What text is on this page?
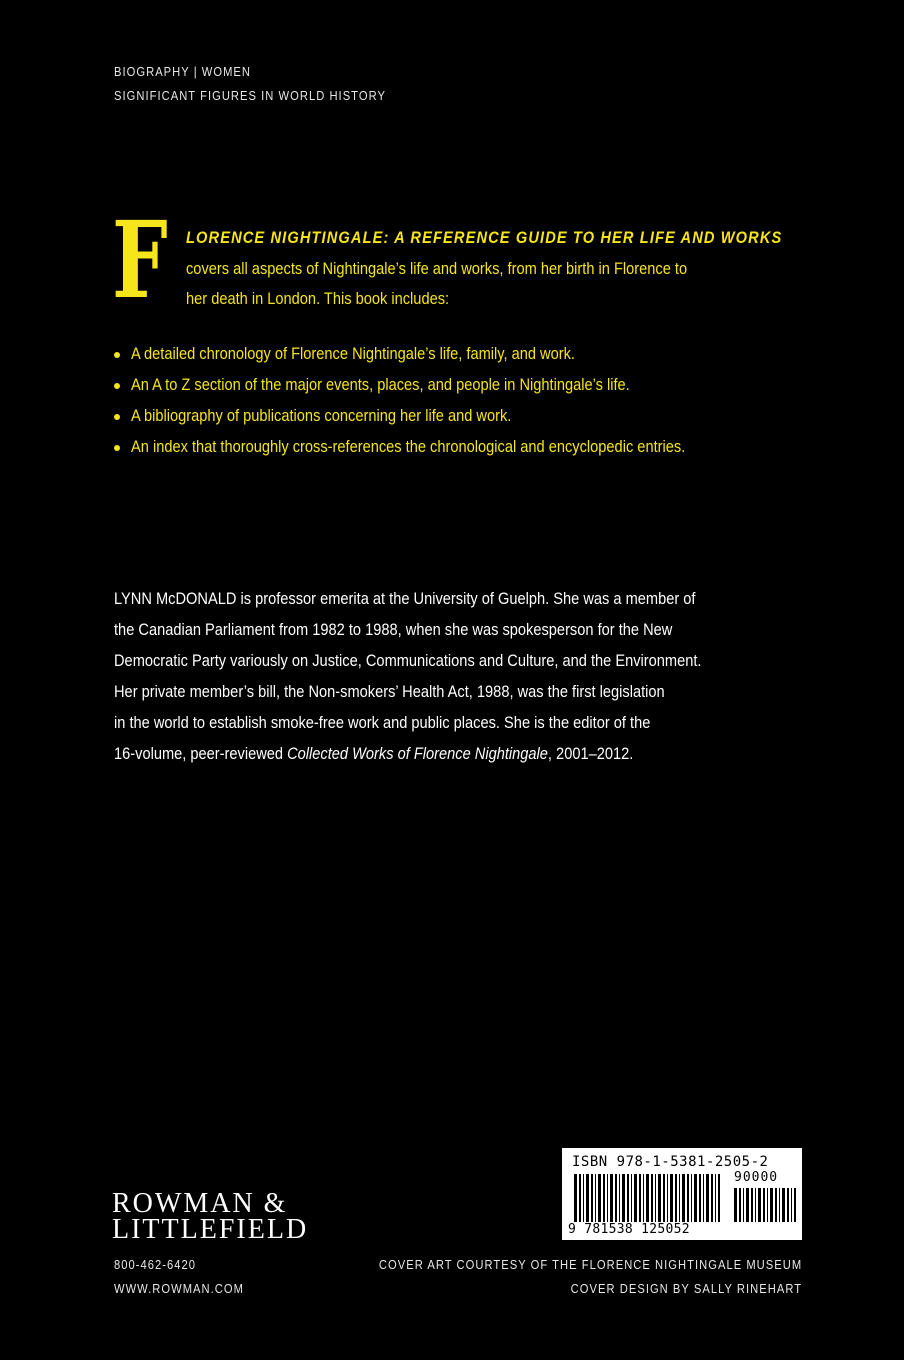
BIOGRAPHY | WOMEN
SIGNIFICANT FIGURES IN WORLD HISTORY
F LORENCE NIGHTINGALE: A REFERENCE GUIDE TO HER LIFE AND WORKS
covers all aspects of Nightingale’s life and works, from her birth in Florence to
her death in London. This book includes:
A detailed chronology of Florence Nightingale’s life, family, and work.
An A to Z section of the major events, places, and people in Nightingale’s life.
A bibliography of publications concerning her life and work.
An index that thoroughly cross-references the chronological and encyclopedic entries.
LYNN McDONALD is professor emerita at the University of Guelph. She was a member of
the Canadian Parliament from 1982 to 1988, when she was spokesperson for the New
Democratic Party variously on Justice, Communications and Culture, and the Environment.
Her private member’s bill, the Non-smokers’ Health Act, 1988, was the first legislation
in the world to establish smoke-free work and public places. She is the editor of the
16-volume, peer-reviewed Collected Works of Florence Nightingale, 2001–2012.
ROWMAN &
LITTLEFIELD
800-462-6420
WWW.ROWMAN.COM
COVER ART COURTESY OF THE FLORENCE NIGHTINGALE MUSEUM
COVER DESIGN BY SALLY RINEHART
ISBN 978-1-5381-2505-2
90000
9 781538 125052
